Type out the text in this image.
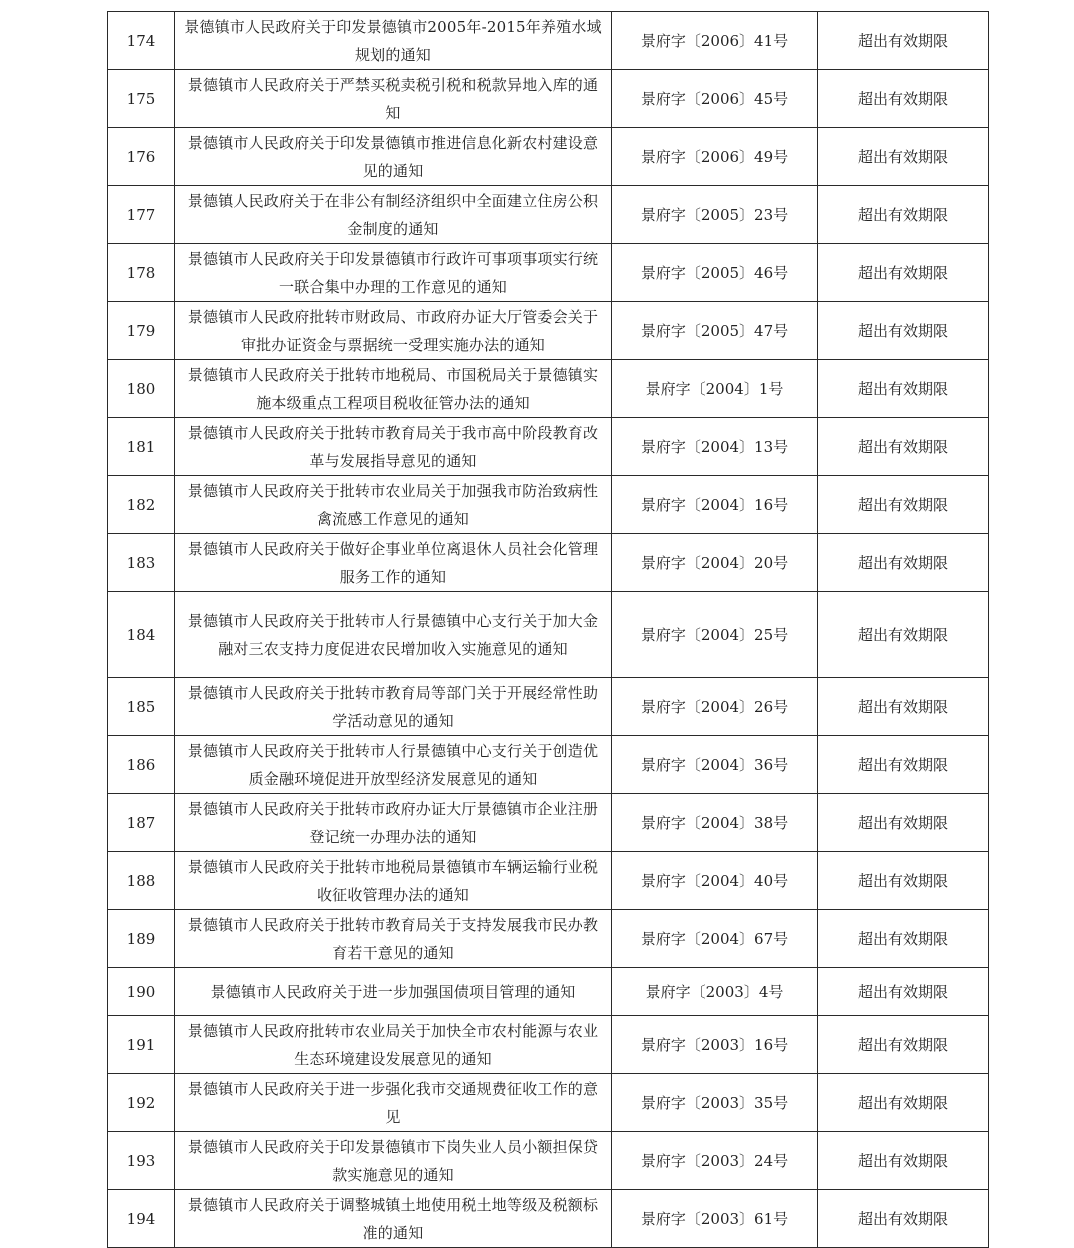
174	景德镇市人民政府关于印发景德镇市2005年-2015年养殖水域规划的通知	景府字〔2006〕41号	超出有效期限
175	景德镇市人民政府关于严禁买税卖税引税和税款异地入库的通知	景府字〔2006〕45号	超出有效期限
176	景德镇市人民政府关于印发景德镇市推进信息化新农村建设意见的通知	景府字〔2006〕49号	超出有效期限
177	景德镇人民政府关于在非公有制经济组织中全面建立住房公积金制度的通知	景府字〔2005〕23号	超出有效期限
178	景德镇市人民政府关于印发景德镇市行政许可事项事项实行统一联合集中办理的工作意见的通知	景府字〔2005〕46号	超出有效期限
179	景德镇市人民政府批转市财政局、市政府办证大厅管委会关于审批办证资金与票据统一受理实施办法的通知	景府字〔2005〕47号	超出有效期限
180	景德镇市人民政府关于批转市地税局、市国税局关于景德镇实施本级重点工程项目税收征管办法的通知	景府字〔2004〕1号	超出有效期限
181	景德镇市人民政府关于批转市教育局关于我市高中阶段教育改革与发展指导意见的通知	景府字〔2004〕13号	超出有效期限
182	景德镇市人民政府关于批转市农业局关于加强我市防治致病性禽流感工作意见的通知	景府字〔2004〕16号	超出有效期限
183	景德镇市人民政府关于做好企事业单位离退休人员社会化管理服务工作的通知	景府字〔2004〕20号	超出有效期限
184	景德镇市人民政府关于批转市人行景德镇中心支行关于加大金融对三农支持力度促进农民增加收入实施意见的通知	景府字〔2004〕25号	超出有效期限
185	景德镇市人民政府关于批转市教育局等部门关于开展经常性助学活动意见的通知	景府字〔2004〕26号	超出有效期限
186	景德镇市人民政府关于批转市人行景德镇中心支行关于创造优质金融环境促进开放型经济发展意见的通知	景府字〔2004〕36号	超出有效期限
187	景德镇市人民政府关于批转市政府办证大厅景德镇市企业注册登记统一办理办法的通知	景府字〔2004〕38号	超出有效期限
188	景德镇市人民政府关于批转市地税局景德镇市车辆运输行业税收征收管理办法的通知	景府字〔2004〕40号	超出有效期限
189	景德镇市人民政府关于批转市教育局关于支持发展我市民办教育若干意见的通知	景府字〔2004〕67号	超出有效期限
190	景德镇市人民政府关于进一步加强国债项目管理的通知	景府字〔2003〕4号	超出有效期限
191	景德镇市人民政府批转市农业局关于加快全市农村能源与农业生态环境建设发展意见的通知	景府字〔2003〕16号	超出有效期限
192	景德镇市人民政府关于进一步强化我市交通规费征收工作的意见	景府字〔2003〕35号	超出有效期限
193	景德镇市人民政府关于印发景德镇市下岗失业人员小额担保贷款实施意见的通知	景府字〔2003〕24号	超出有效期限
194	景德镇市人民政府关于调整城镇土地使用税土地等级及税额标准的通知	景府字〔2003〕61号	超出有效期限
